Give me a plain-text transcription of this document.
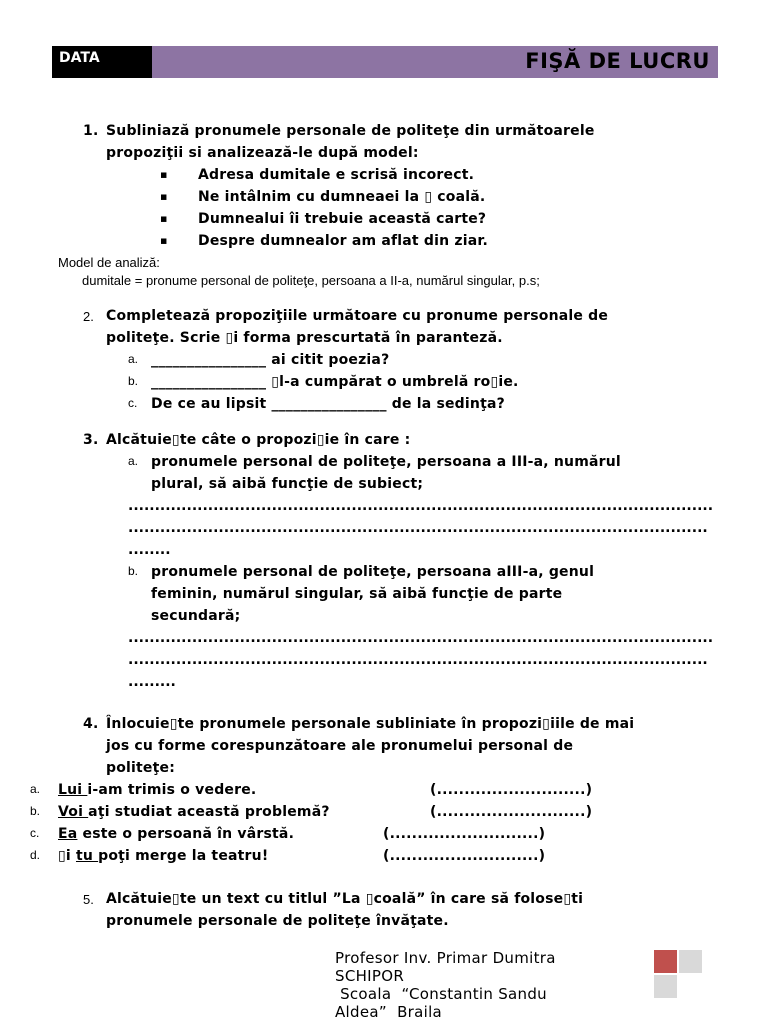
DATA	FIŞĂ DE LUCRU
1. Subliniază pronumele personale de politeţe din următoarele
propoziţii si analizează-le după model:
▪ Adresa dumitale e scrisă incorect.
▪ Ne intâlnim cu dumneaei la ▯ coală.
▪ Dumnealui îi trebuie această carte?
▪ Despre dumnealor am aflat din ziar.
Model de analiză:
dumitale = pronume personal de politeţe, persoana a II-a, numărul singular, p.s;
2. Completează propoziţiile următoare cu pronume personale de
politeţe. Scrie ▯i forma prescurtată în paranteză.
a. ________________ ai citit poezia?
b. ________________ ▯l-a cumpărat o umbrelă ro▯ie.
c. De ce au lipsit ________________ de la sedinţa?
3. Alcătuie▯te câte o propozi▯ie în care :
a. pronumele personal de politeţe, persoana a III-a, numărul
plural, să aibă funcţie de subiect;
..............................................................................................................
.............................................................................................................
........
b. pronumele personal de politeţe, persoana aIII-a, genul
feminin, numărul singular, să aibă funcţie de parte
secundară;
..............................................................................................................
.............................................................................................................
.........
4. Înlocuie▯te pronumele personale subliniate în propozi▯iile de mai
jos cu forme corespunzătoare ale pronumelui personal de
politeţe:
a. Lui i-am trimis o vedere.	(...........................)
b. Voi aţi studiat această problemă?	(...........................)
c. Ea este o persoană în vârstă.	(...........................)
d. ▯i tu poţi merge la teatru!	(...........................)
5. Alcătuie▯te un text cu titlul ”La ▯coală” în care să folose▯ti
pronumele personale de politeţe învăţate.
Profesor Inv. Primar Dumitra
SCHIPOR
Scoala  “Constantin Sandu
Aldea”  Braila
